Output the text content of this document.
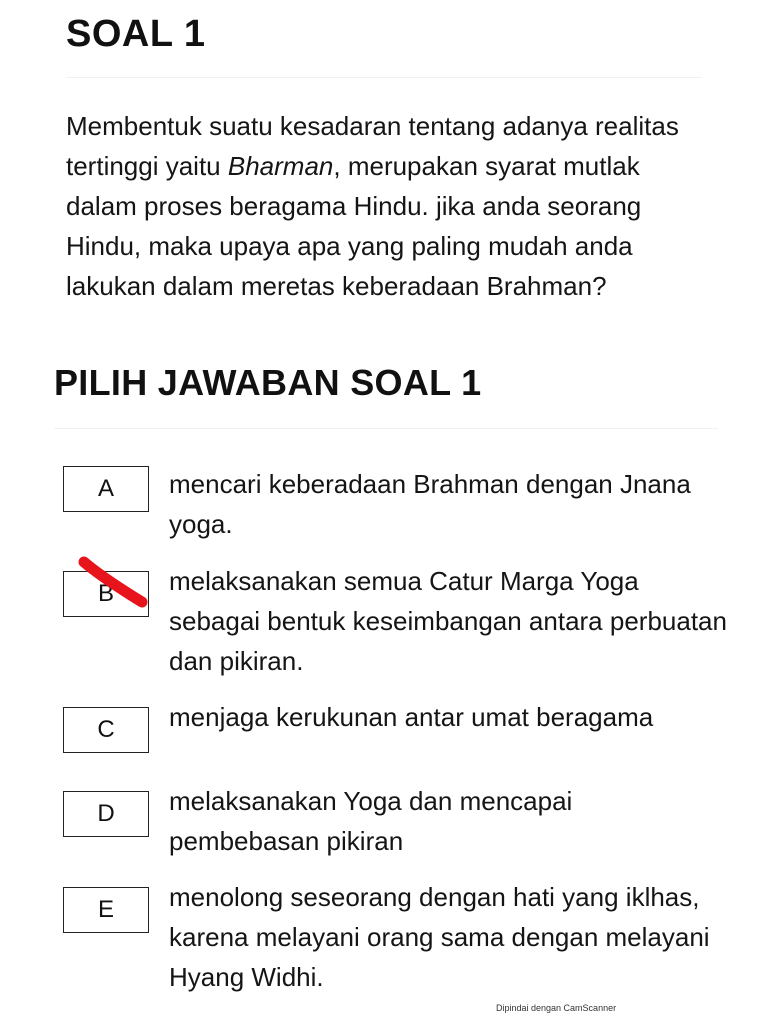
SOAL 1

Membentuk suatu kesadaran tentang adanya realitas tertinggi yaitu Bharman, merupakan syarat mutlak dalam proses beragama Hindu. jika anda seorang Hindu, maka upaya apa yang paling mudah anda lakukan dalam meretas keberadaan Brahman?

PILIH JAWABAN SOAL 1
A	mencari keberadaan Brahman dengan Jnana yoga.

B	melaksanakan semua Catur Marga Yoga sebagai bentuk keseimbangan antara perbuatan dan pikiran.

C	menjaga kerukunan antar umat beragama

D	melaksanakan Yoga dan mencapai pembebasan pikiran

E	menolong seseorang dengan hati yang iklhas, karena melayani orang sama dengan melayani Hyang Widhi.

Dipindai dengan CamScanner
